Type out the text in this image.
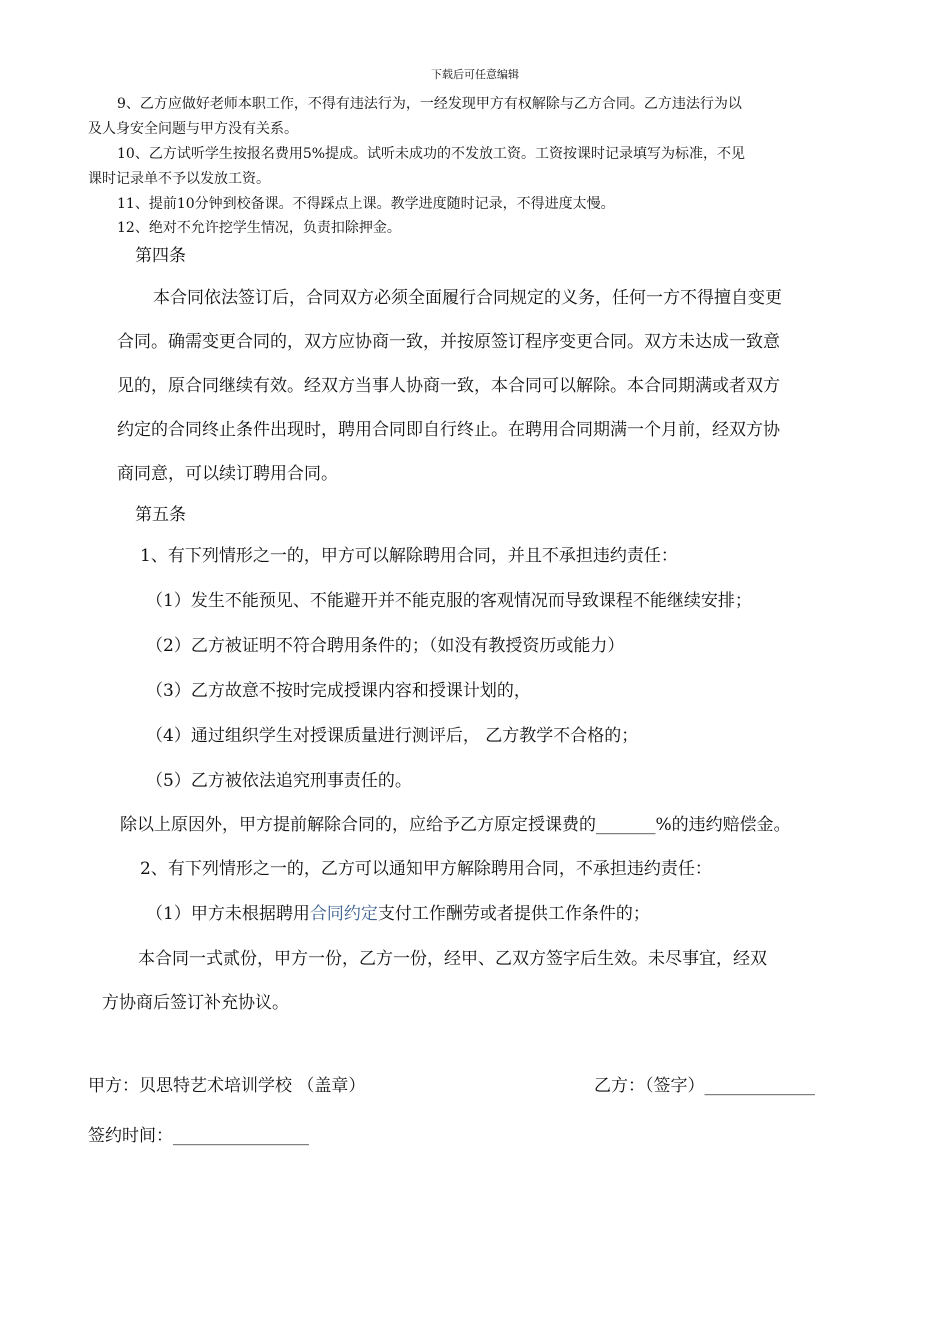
下载后可任意编辑
9、乙方应做好老师本职工作，不得有违法行为，一经发现甲方有权解除与乙方合同。乙方违法行为以
及人身安全问题与甲方没有关系。
10、乙方试听学生按报名费用5%提成。试听未成功的不发放工资。工资按课时记录填写为标准，不见
课时记录单不予以发放工资。
11、提前10分钟到校备课。不得踩点上课。教学进度随时记录，不得进度太慢。
12、绝对不允许挖学生情况，负责扣除押金。
第四条
本合同依法签订后，合同双方必须全面履行合同规定的义务，任何一方不得擅自变更
合同。确需变更合同的，双方应协商一致，并按原签订程序变更合同。双方未达成一致意
见的，原合同继续有效。经双方当事人协商一致，本合同可以解除。本合同期满或者双方
约定的合同终止条件出现时，聘用合同即自行终止。在聘用合同期满一个月前，经双方协
商同意，可以续订聘用合同。
第五条
1、有下列情形之一的，甲方可以解除聘用合同，并且不承担违约责任：
（1）发生不能预见、不能避开并不能克服的客观情况而导致课程不能继续安排；
（2）乙方被证明不符合聘用条件的；（如没有教授资历或能力）
（3）乙方故意不按时完成授课内容和授课计划的，
（4）通过组织学生对授课质量进行测评后， 乙方教学不合格的；
（5）乙方被依法追究刑事责任的。
除以上原因外，甲方提前解除合同的，应给予乙方原定授课费的_______%的违约赔偿金。
2、有下列情形之一的，乙方可以通知甲方解除聘用合同，不承担违约责任：
（1）甲方未根据聘用合同约定支付工作酬劳或者提供工作条件的；
本合同一式贰份，甲方一份，乙方一份，经甲、乙双方签字后生效。未尽事宜，经双
方协商后签订补充协议。
甲方：贝思特艺术培训学校 （盖章）	乙方：（签字）_____________
签约时间：________________
